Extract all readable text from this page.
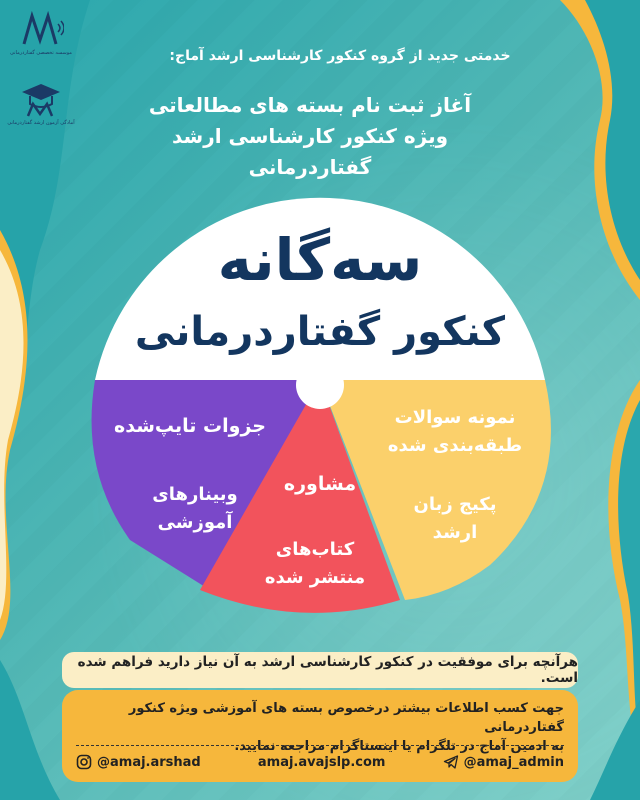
موسسه تخصصی گفتاردرمانی
آمادگی آزمون ارشد گفتاردرمانی
خدمتی جدید از گروه کنکور کارشناسی ارشد آماج:
آغاز ثبت نام بسته های مطالعاتی
ویژه کنکور کارشناسی ارشد گفتاردرمانی
سه‌گانه
کنکور گفتاردرمانی
جزوات تایپ‌شده
وبینارهای
آموزشی
مشاوره
کتاب‌های
منتشر شده
نمونه سوالات
طبقه‌بندی شده
پکیج زبان
ارشد
هرآنچه برای موفقیت در کنکور کارشناسی ارشد به آن نیاز دارید فراهم شده است.
جهت کسب اطلاعات بیشتر درخصوص بسته های آموزشی ویژه کنکور گفتاردرمانی
به ادمین آماج در تلگرام یا اینستاگرام مراجعه نمایید.
@amaj.arshad	amaj.avajslp.com	@amaj_admin
